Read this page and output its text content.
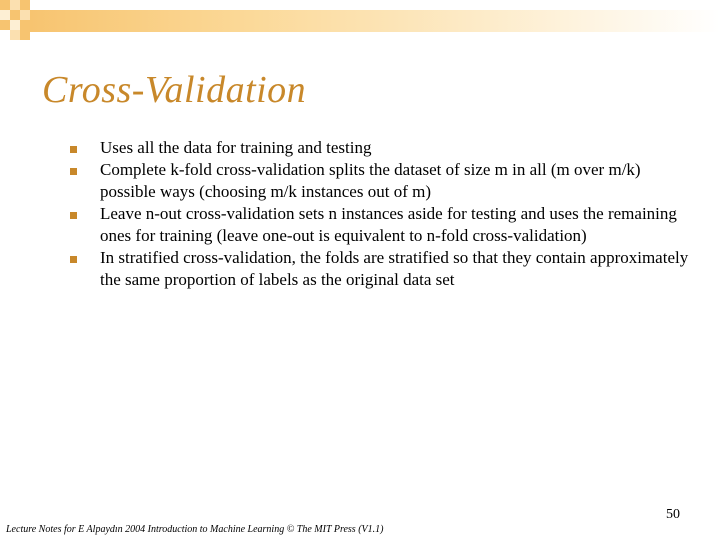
Cross-Validation
Uses all the data for training and testing
Complete k-fold cross-validation splits the dataset of size m in all (m over m/k) possible ways (choosing m/k instances out of m)
Leave n-out cross-validation sets n instances aside for testing and uses the remaining ones for training (leave one-out is equivalent to n-fold cross-validation)
In stratified cross-validation, the folds are stratified so that they contain approximately the same proportion of labels as the original data set
50
Lecture Notes for E Alpaydın 2004 Introduction to Machine Learning © The MIT Press (V1.1)
